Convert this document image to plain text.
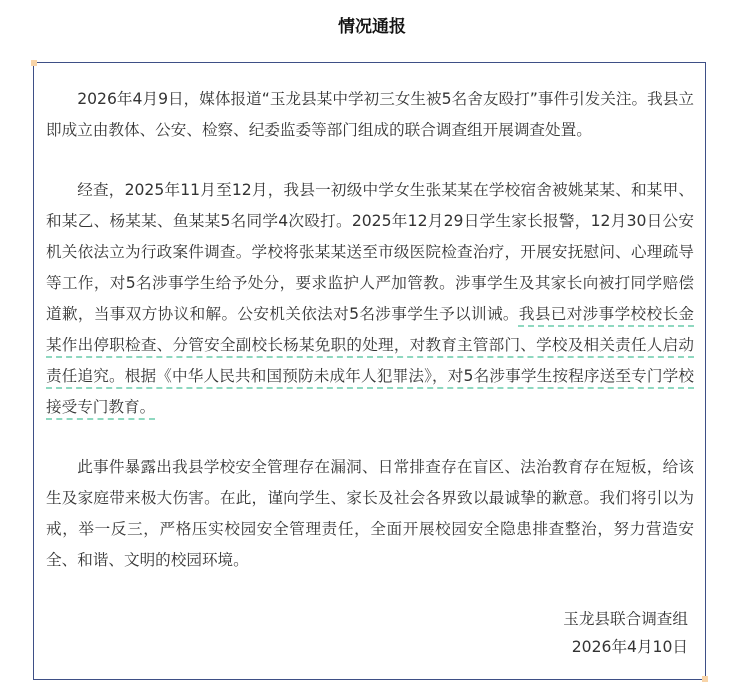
情况通报

2026年4月9日，媒体报道“玉龙县某中学初三女生被5名舍友殴打”事件引发关注。我县立即成立由教体、公安、检察、纪委监委等部门组成的联合调查组开展调查处置。

经查，2025年11月至12月，我县一初级中学女生张某某在学校宿舍被姚某某、和某甲、和某乙、杨某某、鱼某某5名同学4次殴打。2025年12月29日学生家长报警，12月30日公安机关依法立为行政案件调查。学校将张某某送至市级医院检查治疗，开展安抚慰问、心理疏导等工作，对5名涉事学生给予处分，要求监护人严加管教。涉事学生及其家长向被打同学赔偿道歉，当事双方协议和解。公安机关依法对5名涉事学生予以训诫。我县已对涉事学校校长金某作出停职检查、分管安全副校长杨某免职的处理，对教育主管部门、学校及相关责任人启动责任追究。根据《中华人民共和国预防未成年人犯罪法》，对5名涉事学生按程序送至专门学校接受专门教育。

此事件暴露出我县学校安全管理存在漏洞、日常排查存在盲区、法治教育存在短板，给该生及家庭带来极大伤害。在此，谨向学生、家长及社会各界致以最诚挚的歉意。我们将引以为戒，举一反三，严格压实校园安全管理责任，全面开展校园安全隐患排查整治，努力营造安全、和谐、文明的校园环境。

玉龙县联合调查组
2026年4月10日
